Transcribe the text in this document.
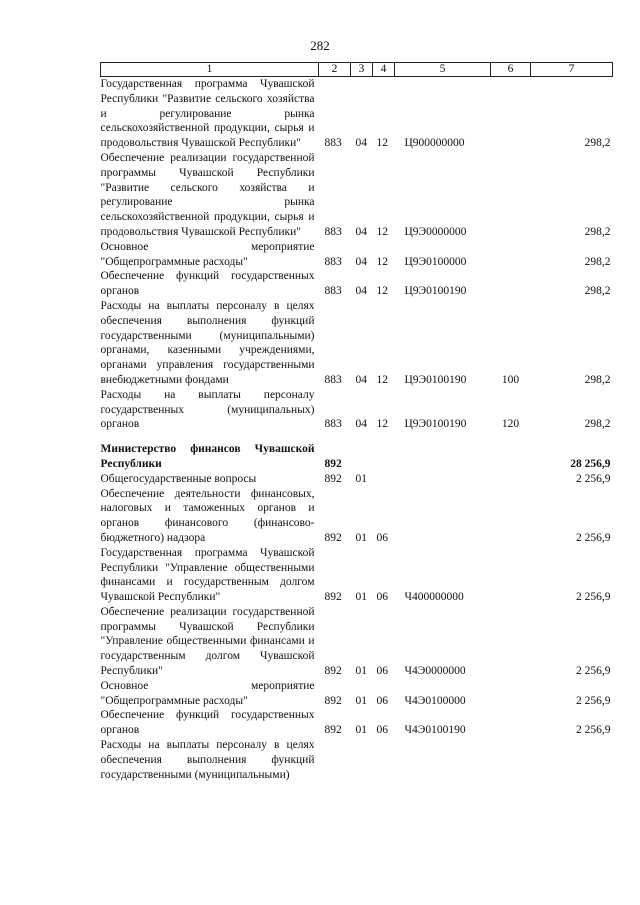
282
1	2	3	4	5	6	7
Государственная программа Чувашской Республики "Развитие сельского хозяйства и регулирование рынка сельскохозяйственной продукции, сырья и продовольствия Чувашской Республики"	883	04	12	Ц900000000		298,2
Обеспечение реализации государственной программы Чувашской Республики "Развитие сельского хозяйства и регулирование рынка сельскохозяйственной продукции, сырья и продовольствия Чувашской Республики"	883	04	12	Ц9Э0000000		298,2
Основное мероприятие "Общепрограммные расходы"	883	04	12	Ц9Э0100000		298,2
Обеспечение функций государственных органов	883	04	12	Ц9Э0100190		298,2
Расходы на выплаты персоналу в целях обеспечения выполнения функций государственными (муниципальными) органами, казенными учреждениями, органами управления государственными внебюджетными фондами	883	04	12	Ц9Э0100190	100	298,2
Расходы на выплаты персоналу государственных (муниципальных) органов	883	04	12	Ц9Э0100190	120	298,2

Министерство финансов Чувашской Республики	892					28 256,9
Общегосударственные вопросы	892	01				2 256,9
Обеспечение деятельности финансовых, налоговых и таможенных органов и органов финансового (финансово-бюджетного) надзора	892	01	06			2 256,9
Государственная программа Чувашской Республики "Управление общественными финансами и государственным долгом Чувашской Республики"	892	01	06	Ч400000000		2 256,9
Обеспечение реализации государственной программы Чувашской Республики "Управление общественными финансами и государственным долгом Чувашской Республики"	892	01	06	Ч4Э0000000		2 256,9
Основное мероприятие "Общепрограммные расходы"	892	01	06	Ч4Э0100000		2 256,9
Обеспечение функций государственных органов	892	01	06	Ч4Э0100190		2 256,9
Расходы на выплаты персоналу в целях обеспечения выполнения функций государственными (муниципальными)						
